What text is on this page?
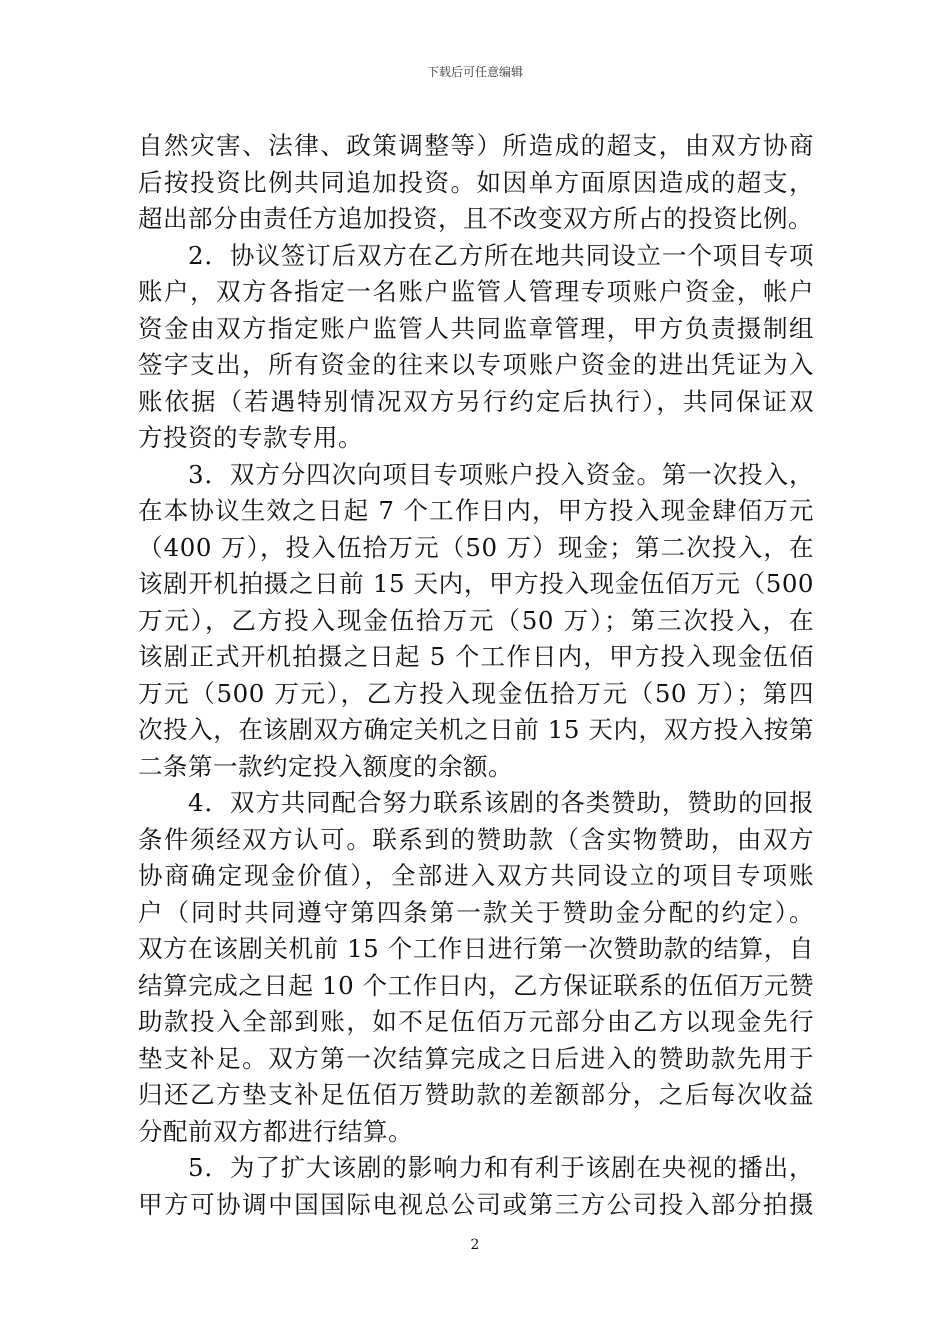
下载后可任意编辑
自然灾害、法律、政策调整等）所造成的超支，由双方协商
后按投资比例共同追加投资。如因单方面原因造成的超支，
超出部分由责任方追加投资，且不改变双方所占的投资比例。
2．协议签订后双方在乙方所在地共同设立一个项目专项
账户，双方各指定一名账户监管人管理专项账户资金，帐户
资金由双方指定账户监管人共同监章管理，甲方负责摄制组
签字支出，所有资金的往来以专项账户资金的进出凭证为入
账依据（若遇特别情况双方另行约定后执行），共同保证双
方投资的专款专用。
3．双方分四次向项目专项账户投入资金。第一次投入，
在本协议生效之日起 7 个工作日内，甲方投入现金肆佰万元
（400 万），投入伍拾万元（50 万）现金；第二次投入，在
该剧开机拍摄之日前 15 天内，甲方投入现金伍佰万元（500
万元），乙方投入现金伍拾万元（50 万）；第三次投入，在
该剧正式开机拍摄之日起 5 个工作日内，甲方投入现金伍佰
万元（500 万元），乙方投入现金伍拾万元（50 万）；第四
次投入，在该剧双方确定关机之日前 15 天内，双方投入按第
二条第一款约定投入额度的余额。
4．双方共同配合努力联系该剧的各类赞助，赞助的回报
条件须经双方认可。联系到的赞助款（含实物赞助，由双方
协商确定现金价值），全部进入双方共同设立的项目专项账
户（同时共同遵守第四条第一款关于赞助金分配的约定）。
双方在该剧关机前 15 个工作日进行第一次赞助款的结算，自
结算完成之日起 10 个工作日内，乙方保证联系的伍佰万元赞
助款投入全部到账，如不足伍佰万元部分由乙方以现金先行
垫支补足。双方第一次结算完成之日后进入的赞助款先用于
归还乙方垫支补足伍佰万赞助款的差额部分，之后每次收益
分配前双方都进行结算。
5．为了扩大该剧的影响力和有利于该剧在央视的播出，
甲方可协调中国国际电视总公司或第三方公司投入部分拍摄
2
